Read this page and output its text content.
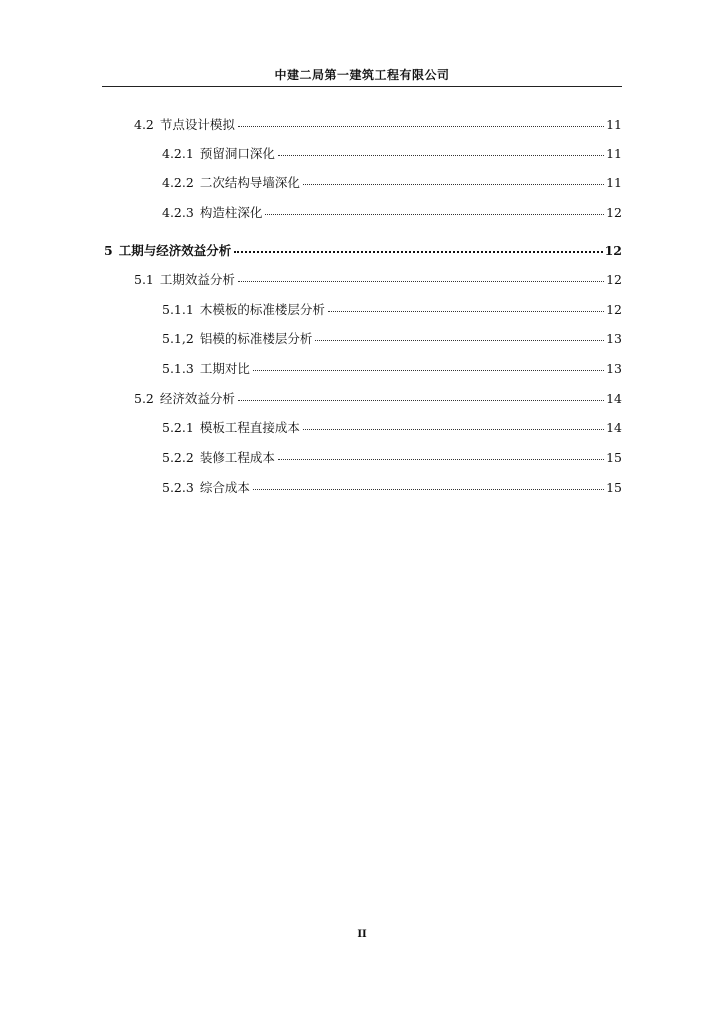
中建二局第一建筑工程有限公司
4.2 节点设计模拟	11
4.2.1 预留洞口深化	11
4.2.2 二次结构导墙深化	11
4.2.3 构造柱深化	12
5 工期与经济效益分析	12
5.1 工期效益分析	12
5.1.1 木模板的标准楼层分析	12
5.1,2 铝模的标准楼层分析	13
5.1.3 工期对比	13
5.2 经济效益分析	14
5.2.1 模板工程直接成本	14
5.2.2 装修工程成本	15
5.2.3 综合成本	15
II
